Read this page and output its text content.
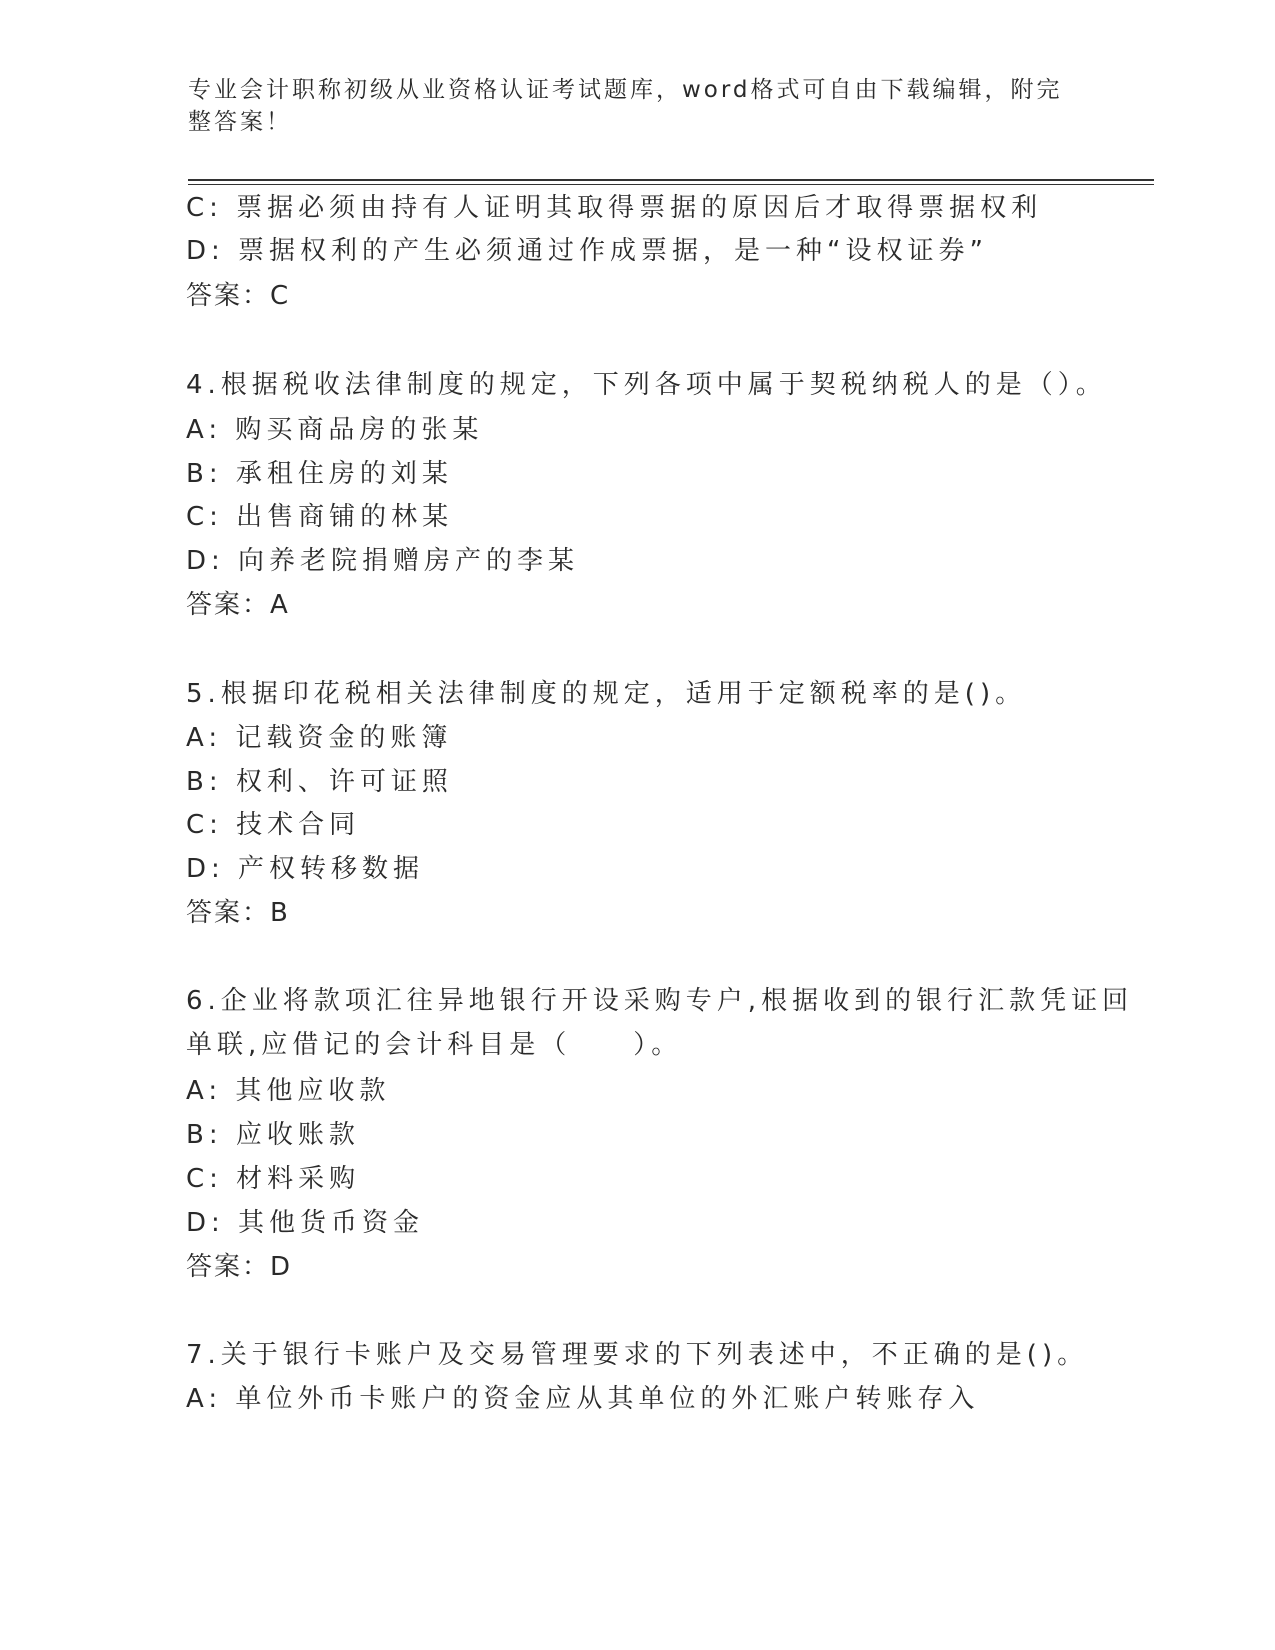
专业会计职称初级从业资格认证考试题库，word格式可自由下载编辑，附完整答案！
C: 票据必须由持有人证明其取得票据的原因后才取得票据权利
D: 票据权利的产生必须通过作成票据，是一种“设权证券”
答案：C
4.根据税收法律制度的规定，下列各项中属于契税纳税人的是（）。
A: 购买商品房的张某
B: 承租住房的刘某
C: 出售商铺的林某
D: 向养老院捐赠房产的李某
答案：A
5.根据印花税相关法律制度的规定，适用于定额税率的是()。
A: 记载资金的账簿
B: 权利、许可证照
C: 技术合同
D: 产权转移数据
答案：B
6.企业将款项汇往异地银行开设采购专户,根据收到的银行汇款凭证回
单联,应借记的会计科目是（　　）。
A: 其他应收款
B: 应收账款
C: 材料采购
D: 其他货币资金
答案：D
7.关于银行卡账户及交易管理要求的下列表述中，不正确的是()。
A: 单位外币卡账户的资金应从其单位的外汇账户转账存入
